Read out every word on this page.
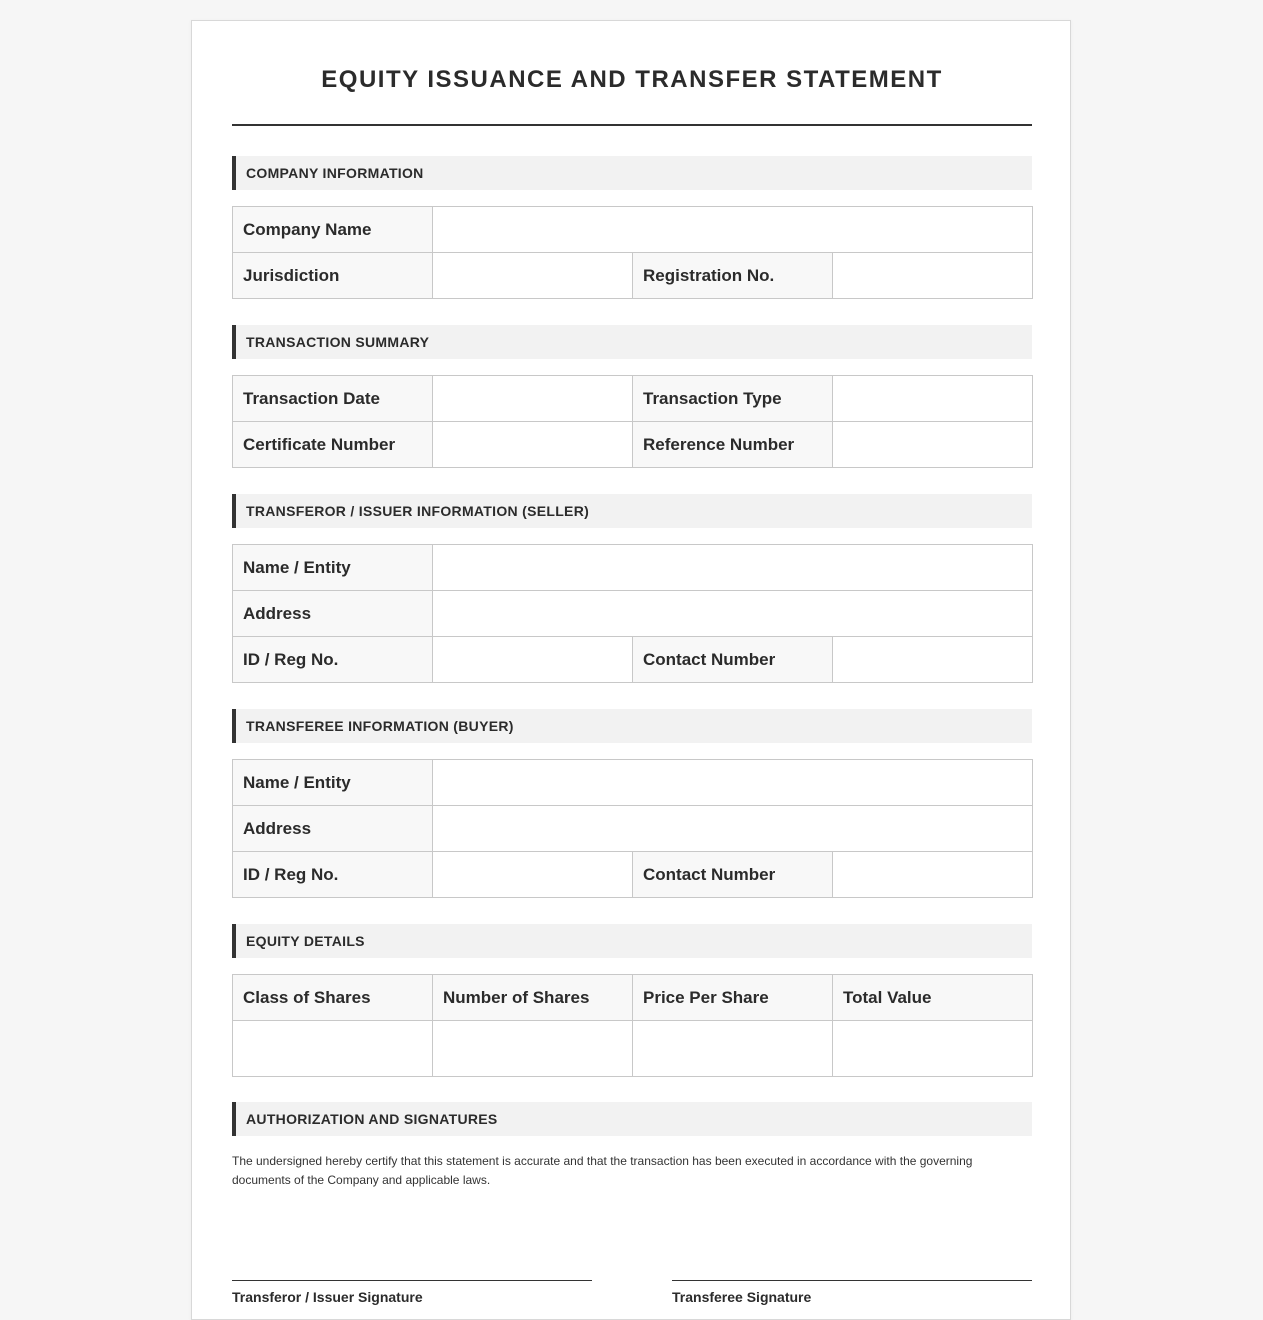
EQUITY ISSUANCE AND TRANSFER STATEMENT
COMPANY INFORMATION
Company Name			
Jurisdiction		Registration No.	
TRANSACTION SUMMARY
Transaction Date		Transaction Type	
Certificate Number		Reference Number	
TRANSFEROR / ISSUER INFORMATION (SELLER)
Name / Entity			
Address			
ID / Reg No.		Contact Number	
TRANSFEREE INFORMATION (BUYER)
Name / Entity			
Address			
ID / Reg No.		Contact Number	
EQUITY DETAILS
Class of Shares	Number of Shares	Price Per Share	Total Value

AUTHORIZATION AND SIGNATURES
The undersigned hereby certify that this statement is accurate and that the transaction has been executed in accordance with the governing documents of the Company and applicable laws.
Transferor / Issuer Signature	Transferee Signature
